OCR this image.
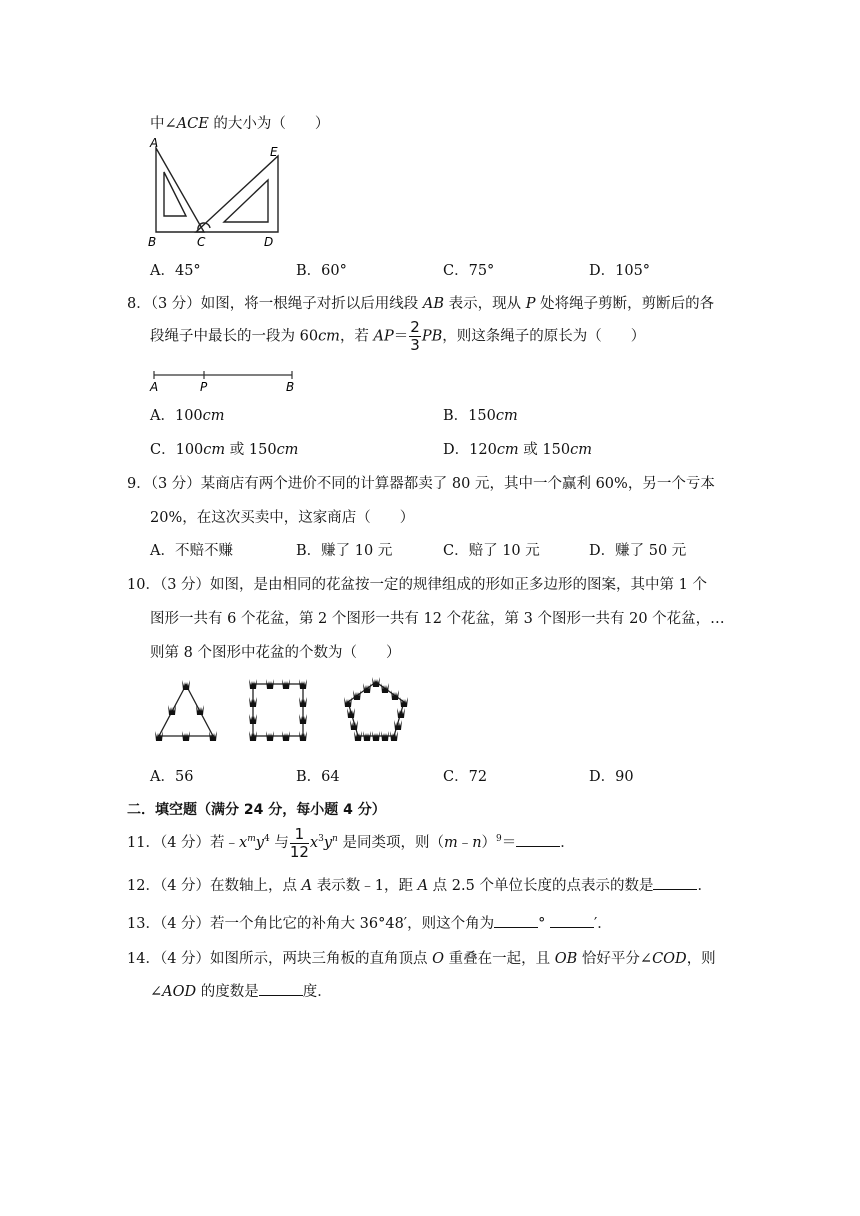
中∠ACE 的大小为（　　）
A
E
B	C	D
A．45°	B．60°	C．75°	D．105°
8．（3 分）如图，将一根绳子对折以后用线段 AB 表示，现从 P 处将绳子剪断，剪断后的各
段绳子中最长的一段为 60cm，若 $AP= \frac{2}{3}$ PB，则这条绳子的原长为（　　）
A	P	B
A．100cm	B．150cm
C．100cm 或 150cm	D．120cm 或 150cm
9．（3 分）某商店有两个进价不同的计算器都卖了 80 元，其中一个赢利 60%，另一个亏本
20%，在这次买卖中，这家商店（　　）
A．不赔不赚	B．赚了 10 元	C．赔了 10 元	D．赚了 50 元
10．（3 分）如图，是由相同的花盆按一定的规律组成的形如正多边形的图案，其中第 1 个
图形一共有 6 个花盆，第 2 个图形一共有 12 个花盆，第 3 个图形一共有 20 个花盆，…
则第 8 个图形中花盆的个数为（　　）
A．56	B．64	C．72	D．90
二．填空题（满分 24 分，每小题 4 分）
11．（4 分）若$﹣x^my^4$ 与 $\frac{1}{12} x^3y^n$ 是同类项，则（m﹣n）$^9$＝	．
12．（4 分）在数轴上，点 A 表示数﹣1，距 A 点 2.5 个单位长度的点表示的数是	．
13．（4 分）若一个角比它的补角大 36°48′，则这个角为	°	′．
14．（4 分）如图所示，两块三角板的直角顶点 O 重叠在一起，且 OB 恰好平分∠COD，则
∠AOD 的度数是	度．
